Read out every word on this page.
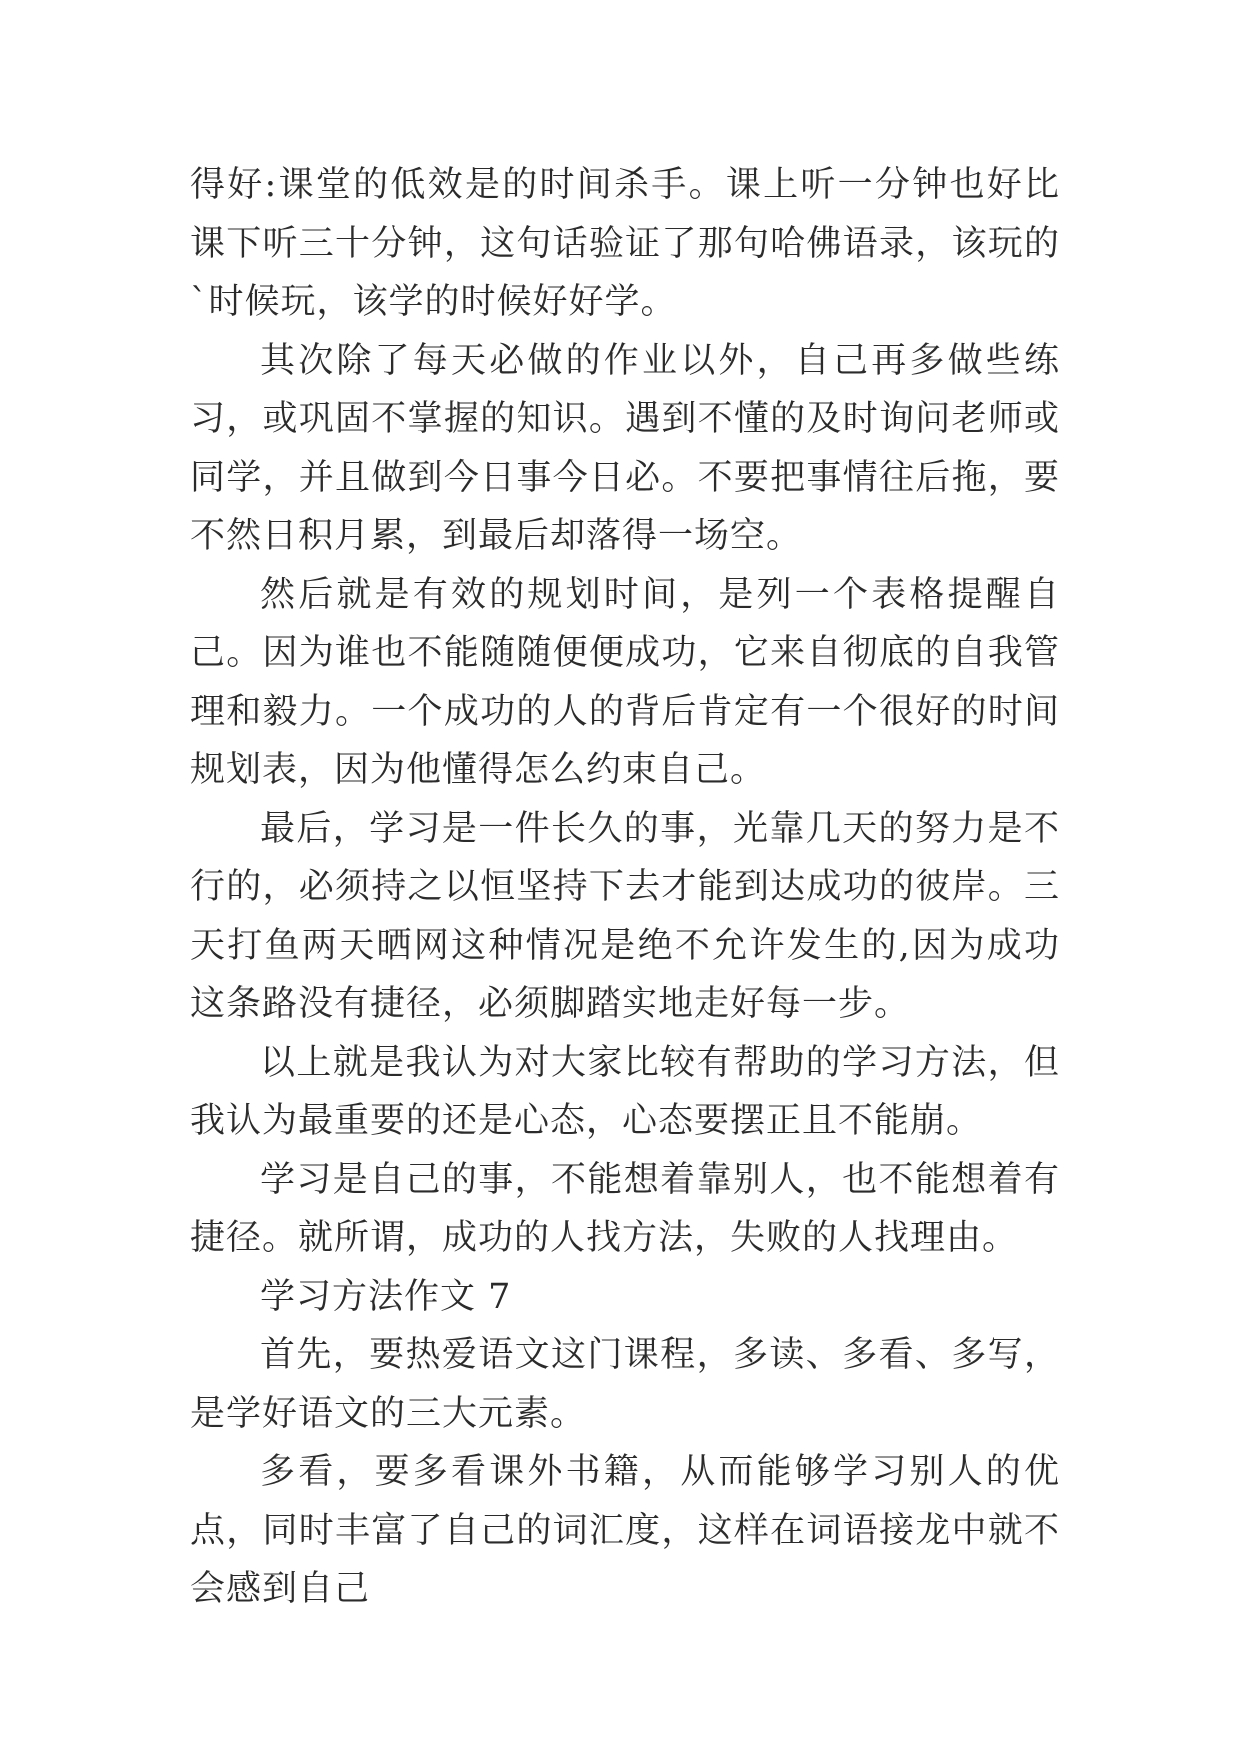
得好:课堂的低效是的时间杀手。课上听一分钟也好比课下听三十分钟，这句话验证了那句哈佛语录，该玩的`时候玩，该学的时候好好学。

其次除了每天必做的作业以外，自己再多做些练习，或巩固不掌握的知识。遇到不懂的及时询问老师或同学，并且做到今日事今日必。不要把事情往后拖，要不然日积月累，到最后却落得一场空。

然后就是有效的规划时间，是列一个表格提醒自己。因为谁也不能随随便便成功，它来自彻底的自我管理和毅力。一个成功的人的背后肯定有一个很好的时间规划表，因为他懂得怎么约束自己。

最后，学习是一件长久的事，光靠几天的努力是不行的，必须持之以恒坚持下去才能到达成功的彼岸。三天打鱼两天晒网这种情况是绝不允许发生的,因为成功这条路没有捷径，必须脚踏实地走好每一步。

以上就是我认为对大家比较有帮助的学习方法，但我认为最重要的还是心态，心态要摆正且不能崩。

学习是自己的事，不能想着靠别人，也不能想着有捷径。就所谓，成功的人找方法，失败的人找理由。

学习方法作文 7

首先，要热爱语文这门课程，多读、多看、多写，是学好语文的三大元素。

多看，要多看课外书籍，从而能够学习别人的优点，同时丰富了自己的词汇度，这样在词语接龙中就不会感到自己
